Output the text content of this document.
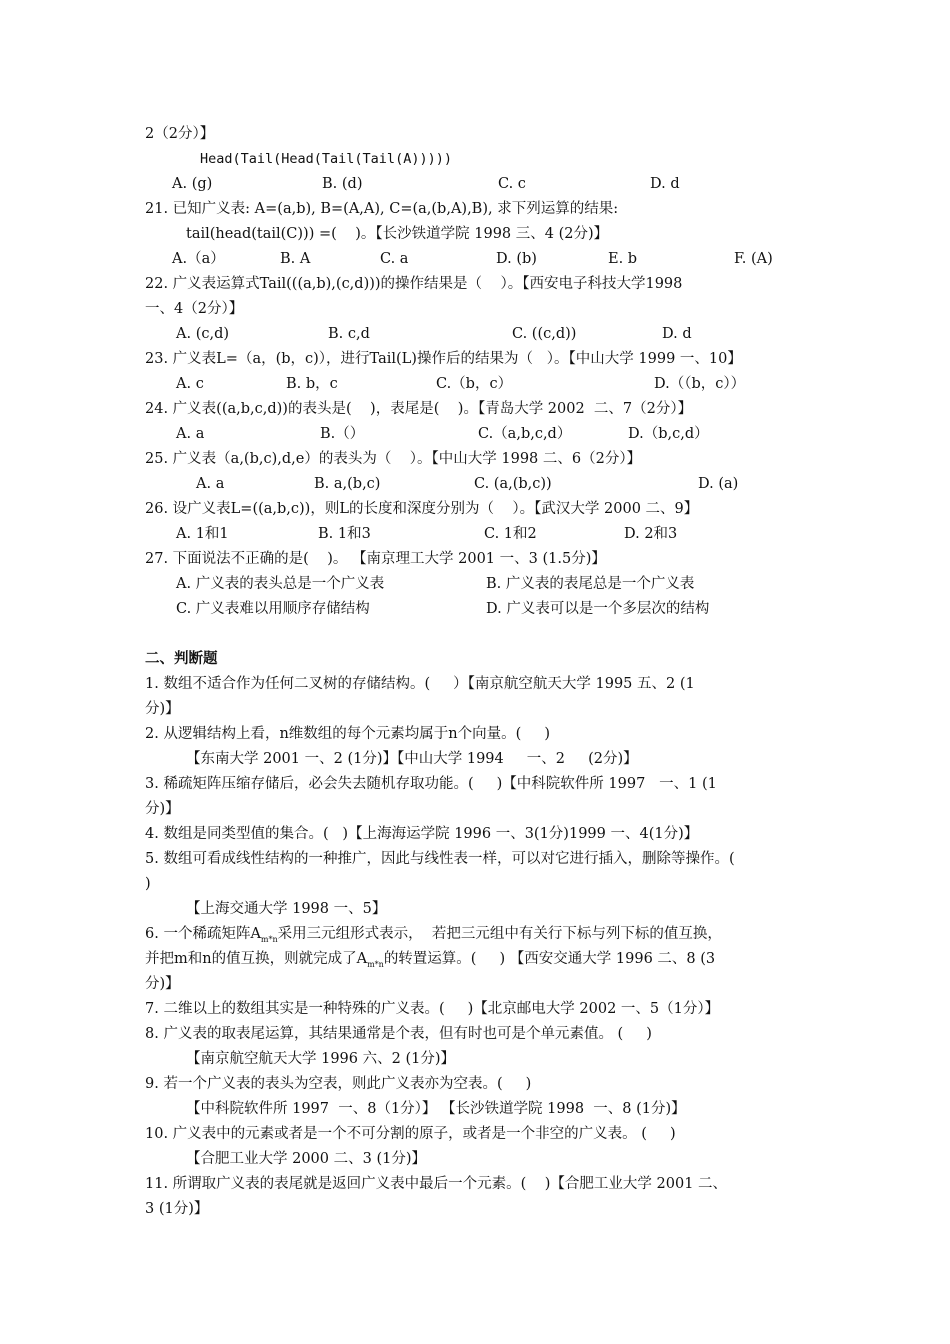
2（2分）】
Head(Tail(Head(Tail(Tail(A)))))

A. (g)

	B. (d)

	C. c

	D. d

21. 已知广义表: A=(a,b), B=(A,A), C=(a,(b,A),B), 求下列运算的结果:
tail(head(tail(C))) =(    )。【长沙铁道学院 1998 三、4 (2分)】

A.（a）

	B. A

	C. a

	D. (b)

	E. b

	F. (A)

22. 广义表运算式Tail(((a,b),(c,d)))的操作结果是（    ）。【西安电子科技大学1998
一、4（2分）】

A. (c,d)

	B. c,d

	C. ((c,d))

	D. d

23. 广义表L=（a，(b，c)），进行Tail(L)操作后的结果为（   ）。【中山大学 1999 一、10】

A. c

	B. b，c

	C.（b，c）

	D.（（b，c））

24. 广义表((a,b,c,d))的表头是(    )，表尾是(    )。【青岛大学 2002  二、7（2分）】

A. a

	B.（）

	C.（a,b,c,d）

	D.（b,c,d）

25. 广义表（a,(b,c),d,e）的表头为（    ）。【中山大学 1998 二、6（2分）】

A. a

	B. a,(b,c)

	C. (a,(b,c))

	D. (a)

26. 设广义表L=((a,b,c))，则L的长度和深度分别为（    ）。【武汉大学 2000 二、9】

A. 1和1

	B. 1和3

	C. 1和2

	D. 2和3

27. 下面说法不正确的是(    )。 【南京理工大学 2001 一、3 (1.5分)】

A. 广义表的表头总是一个广义表

	B. 广义表的表尾总是一个广义表

C. 广义表难以用顺序存储结构

	D. 广义表可以是一个多层次的结构

二、判断题
1. 数组不适合作为任何二叉树的存储结构。(     ）【南京航空航天大学 1995 五、2 (1
分)】
2. 从逻辑结构上看，n维数组的每个元素均属于n个向量。(     )
【东南大学 2001 一、2 (1分)】【中山大学 1994     一、2     (2分)】
3. 稀疏矩阵压缩存储后，必会失去随机存取功能。(     )【中科院软件所 1997   一、1 (1
分)】
4. 数组是同类型值的集合。(   )【上海海运学院 1996 一、3(1分)1999 一、4(1分)】
5. 数组可看成线性结构的一种推广，因此与线性表一样，可以对它进行插入，删除等操作。(
)
【上海交通大学 1998 一、5】
6. 一个稀疏矩阵$A_{m*n}$采用三元组形式表示，  若把三元组中有关行下标与列下标的值互换，
并把m和n的值互换，则就完成了$A_{m*n}$的转置运算。(     ) 【西安交通大学 1996 二、8 (3
分)】
7. 二维以上的数组其实是一种特殊的广义表。(     )【北京邮电大学 2002 一、5（1分）】
8. 广义表的取表尾运算，其结果通常是个表，但有时也可是个单元素值。 (     )
【南京航空航天大学 1996 六、2 (1分)】
9. 若一个广义表的表头为空表，则此广义表亦为空表。(     )
【中科院软件所 1997  一、8（1分）】 【长沙铁道学院 1998  一、8 (1分)】
10. 广义表中的元素或者是一个不可分割的原子，或者是一个非空的广义表。 (     )
【合肥工业大学 2000 二、3 (1分)】
11. 所谓取广义表的表尾就是返回广义表中最后一个元素。(    )【合肥工业大学 2001 二、
3 (1分)】
